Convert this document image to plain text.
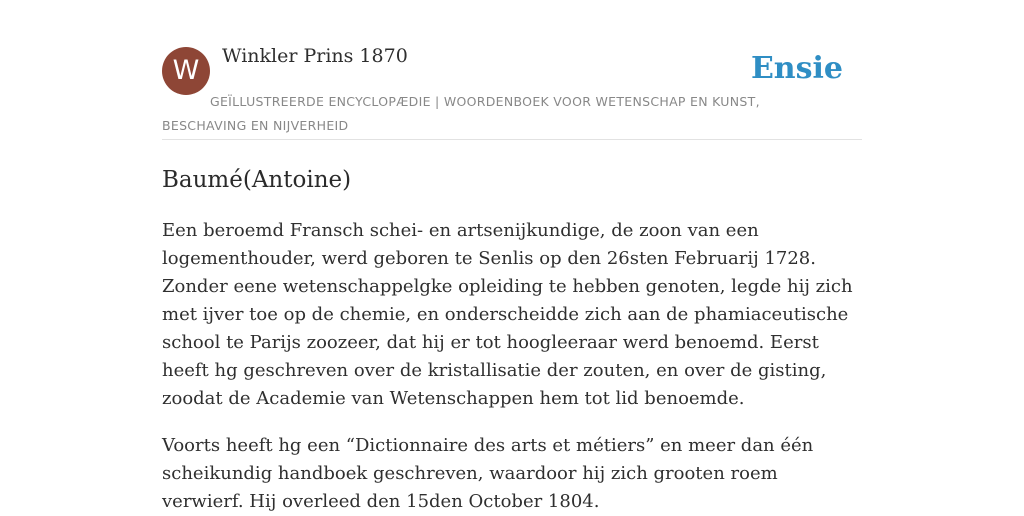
W	Winkler Prins 1870
GEÏLLUSTREERDE ENCYCLOPÆDIE | WOORDENBOEK VOOR WETENSCHAP EN KUNST, BESCHAVING EN NIJVERHEID
Ensie
Baumé(Antoine)

Een beroemd Fransch schei- en artsenijkundige, de zoon van een logementhouder, werd geboren te Senlis op den 26sten Februarij 1728. Zonder eene wetenschappelgke opleiding te hebben genoten, legde hij zich met ijver toe op de chemie, en onderscheidde zich aan de phamiaceutische school te Parijs zoozeer, dat hij er tot hoogleeraar werd benoemd. Eerst heeft hg geschreven over de kristallisatie der zouten, en over de gisting, zoodat de Academie van Wetenschappen hem tot lid benoemde.

Voorts heeft hg een “Dictionnaire des arts et métiers” en meer dan één scheikundig handboek geschreven, waardoor hij zich grooten roem verwierf. Hij overleed den 15den October 1804.
